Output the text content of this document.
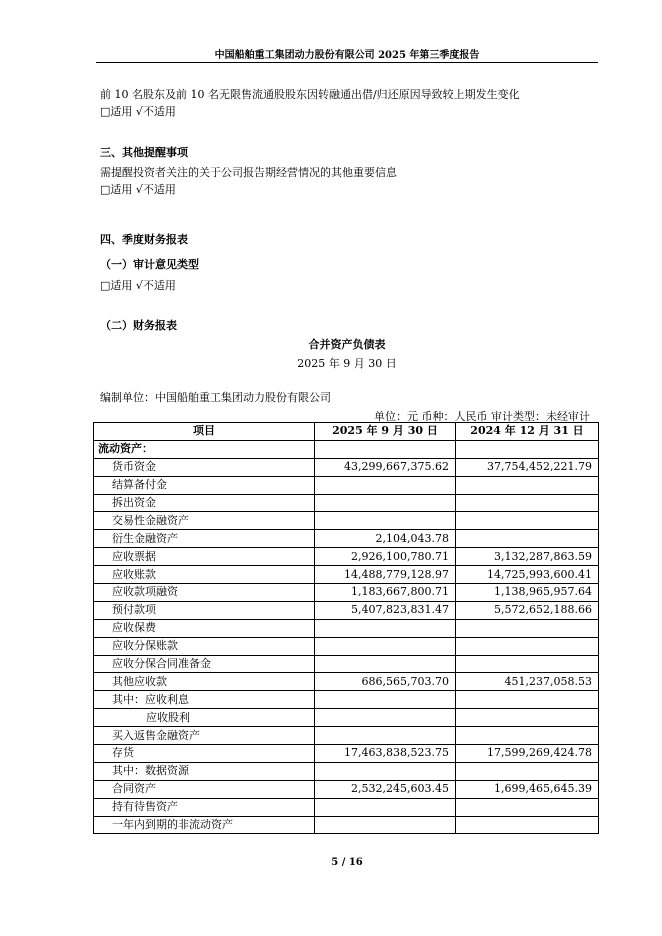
中国船舶重工集团动力股份有限公司 2025 年第三季度报告
前 10 名股东及前 10 名无限售流通股股东因转融通出借/归还原因导致较上期发生变化
□适用 √不适用
三、其他提醒事项
需提醒投资者关注的关于公司报告期经营情况的其他重要信息
□适用 √不适用
四、季度财务报表
（一）审计意见类型
□适用 √不适用
（二）财务报表
合并资产负债表
2025 年 9 月 30 日
编制单位：中国船舶重工集团动力股份有限公司
单位：元 币种：人民币 审计类型：未经审计
项目	2025 年 9 月 30 日	2024 年 12 月 31 日
流动资产：		
货币资金	43,299,667,375.62	37,754,452,221.79
结算备付金		
拆出资金		
交易性金融资产		
衍生金融资产	2,104,043.78	
应收票据	2,926,100,780.71	3,132,287,863.59
应收账款	14,488,779,128.97	14,725,993,600.41
应收款项融资	1,183,667,800.71	1,138,965,957.64
预付款项	5,407,823,831.47	5,572,652,188.66
应收保费		
应收分保账款		
应收分保合同准备金		
其他应收款	686,565,703.70	451,237,058.53
其中：应收利息		
应收股利		
买入返售金融资产		
存货	17,463,838,523.75	17,599,269,424.78
其中：数据资源		
合同资产	2,532,245,603.45	1,699,465,645.39
持有待售资产		
一年内到期的非流动资产		
5 / 16
